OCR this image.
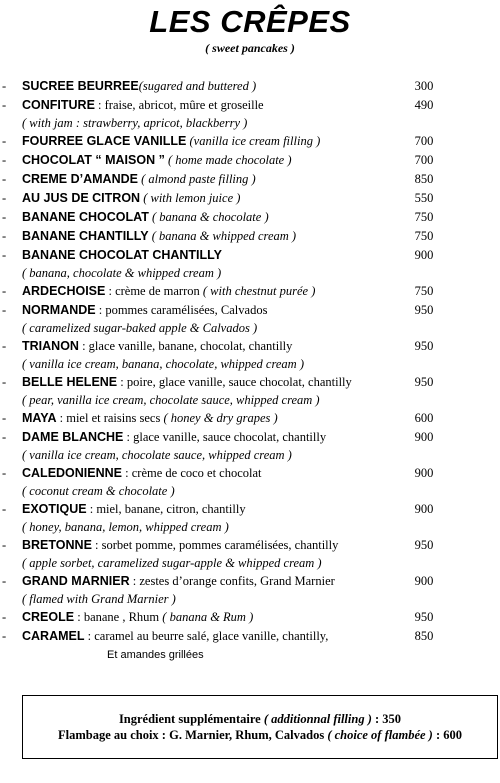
LES CRÊPES
( sweet pancakes )
- SUCREE BEURREE(sugared and buttered )	300
- CONFITURE : fraise, abricot, mûre et groseille	490
( with jam : strawberry, apricot, blackberry )
- FOURREE GLACE VANILLE (vanilla ice cream filling )	700
- CHOCOLAT “ MAISON ” ( home made chocolate )	700
- CREME D’AMANDE ( almond paste filling )	850
- AU JUS DE CITRON ( with lemon juice )	550
- BANANE CHOCOLAT ( banana & chocolate )	750
- BANANE CHANTILLY ( banana & whipped cream )	750
- BANANE CHOCOLAT CHANTILLY	900
( banana, chocolate & whipped cream )
- ARDECHOISE : crème de marron ( with chestnut purée )	750
- NORMANDE : pommes caramélisées, Calvados	950
( caramelized sugar-baked apple & Calvados )
- TRIANON : glace vanille, banane, chocolat, chantilly	950
( vanilla ice cream, banana, chocolate, whipped cream )
- BELLE HELENE : poire, glace vanille, sauce chocolat, chantilly	950
( pear, vanilla ice cream, chocolate sauce, whipped cream )
- MAYA : miel et raisins secs ( honey & dry grapes )	600
- DAME BLANCHE : glace vanille, sauce chocolat, chantilly	900
( vanilla ice cream, chocolate sauce, whipped cream )
- CALEDONIENNE : crème de coco et chocolat	900
( coconut cream & chocolate )
- EXOTIQUE : miel, banane, citron, chantilly	900
( honey, banana, lemon, whipped cream )
- BRETONNE : sorbet pomme, pommes caramélisées, chantilly	950
( apple sorbet, caramelized sugar-apple & whipped cream )
- GRAND MARNIER : zestes d’orange confits, Grand Marnier	900
( flamed with Grand Marnier )
- CREOLE : banane , Rhum ( banana & Rum )	950
- CARAMEL : caramel au beurre salé, glace vanille, chantilly,	850
Et amandes grillées
Ingrédient supplémentaire ( additionnal filling ) : 350
Flambage au choix : G. Marnier, Rhum, Calvados ( choice of flambée ) : 600
